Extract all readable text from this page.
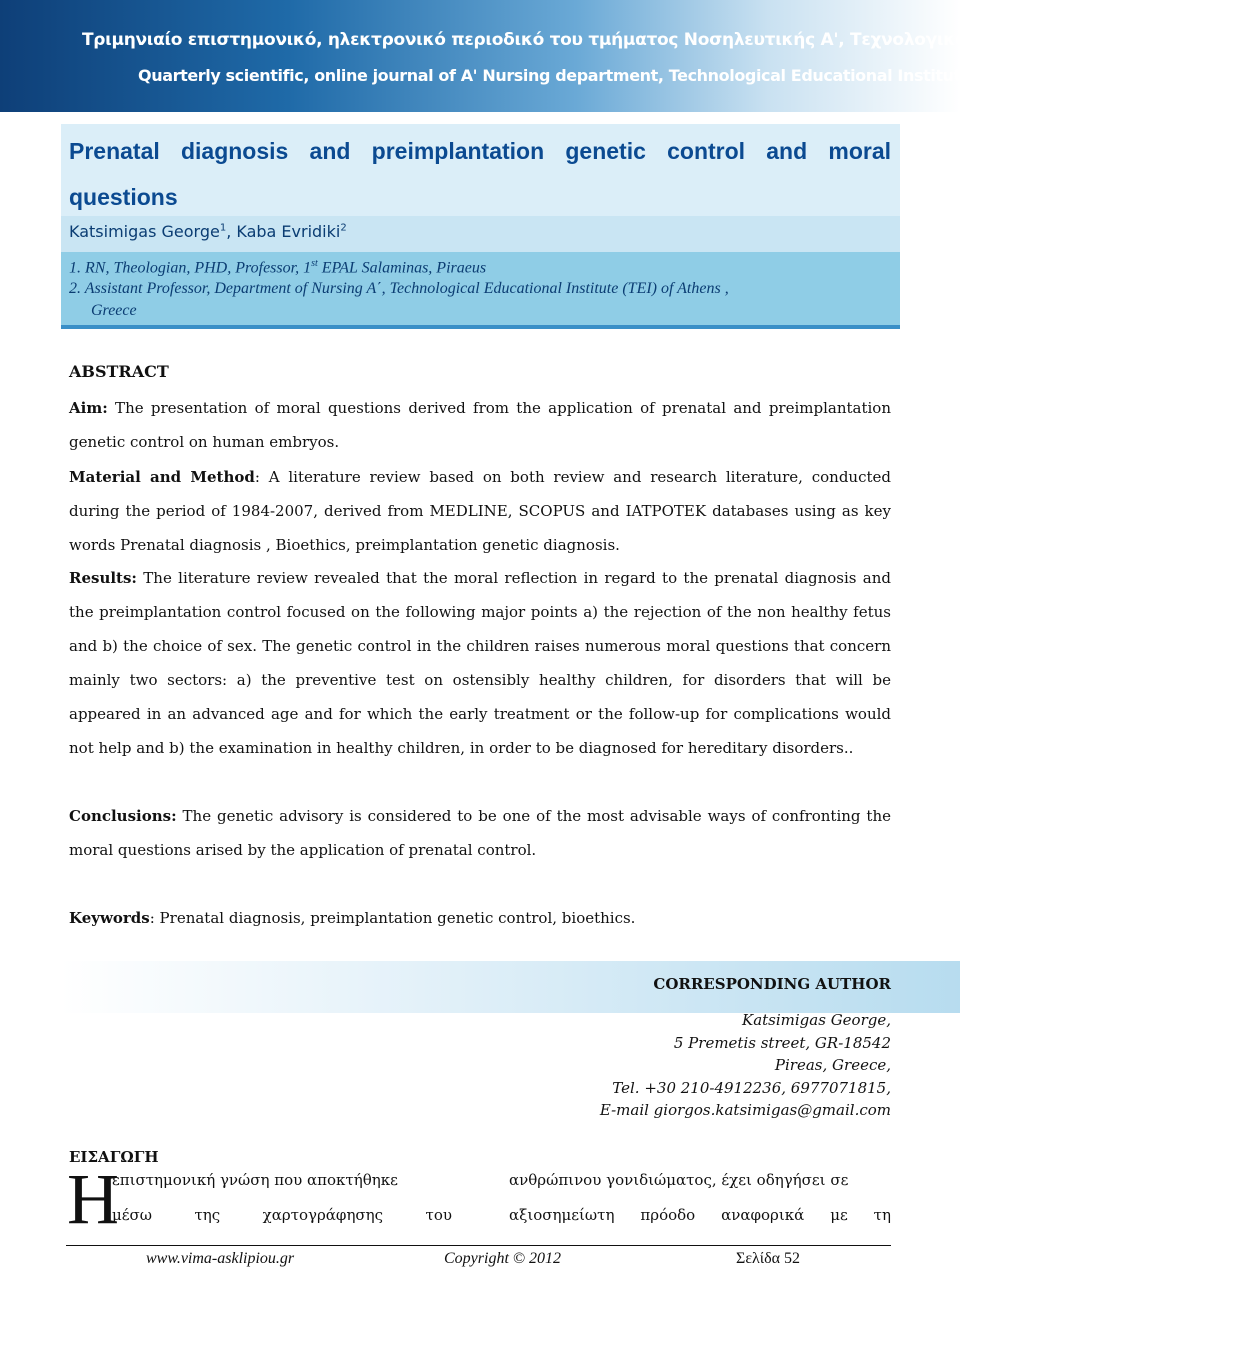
Τριμηνιαίο επιστημονικό, ηλεκτρονικό περιοδικό του τμήματος Νοσηλευτικής Α', Τεχνολογικό Εκπαιδευτικό Ίδρυμα Αθηνών
Quarterly scientific, online journal of A' Nursing department, Technological Educational Institute of Athens
Prenatal diagnosis and preimplantation genetic control and moral questions
Katsimigas George$^1$, Kaba Evridiki$^2$
1. RN, Theologian, PHD, Professor, 1st EPAL Salaminas, Piraeus
2. Assistant Professor, Department of Nursing A΄, Technological Educational Institute (TEI) of Athens ,
Greece
ABSTRACT
Aim: The presentation of moral questions derived from the application of prenatal and preimplantation genetic control on human embryos.
Material and Method: A literature review based on both review and research literature, conducted during the period of 1984-2007, derived from MEDLINE, SCOPUS and IATPOTEK databases using as key words Prenatal diagnosis , Bioethics, preimplantation genetic diagnosis.
Results: The literature review revealed that the moral reflection in regard to the prenatal diagnosis and the preimplantation control focused on the following major points a) the rejection of the non healthy fetus and b) the choice of sex. The genetic control in the children raises numerous moral questions that concern mainly two sectors: a) the preventive test on ostensibly healthy children, for disorders that will be appeared in an advanced age and for which the early treatment or the follow-up for complications would not help and b) the examination in healthy children, in order to be diagnosed for hereditary disorders..
Conclusions: The genetic advisory is considered to be one of the most advisable ways of confronting the moral questions arised by the application of prenatal control.
Keywords: Prenatal diagnosis, preimplantation genetic control, bioethics.
CORRESPONDING AUTHOR
Katsimigas George,
5 Premetis street, GR-18542
Pireas, Greece,
Tel. +30 210-4912236, 6977071815,
E-mail giorgos.katsimigas@gmail.com
ΕΙΣΑΓΩΓΗ
Η
επιστημονική γνώση που αποκτήθηκε
μέσω	της	χαρτογράφησης	του
ανθρώπινου γονιδιώματος, έχει οδηγήσει σε
αξιοσημείωτη πρόοδο αναφορικά με τη
www.vima-asklipiou.gr	Copyright © 2012	Σελίδα 52
